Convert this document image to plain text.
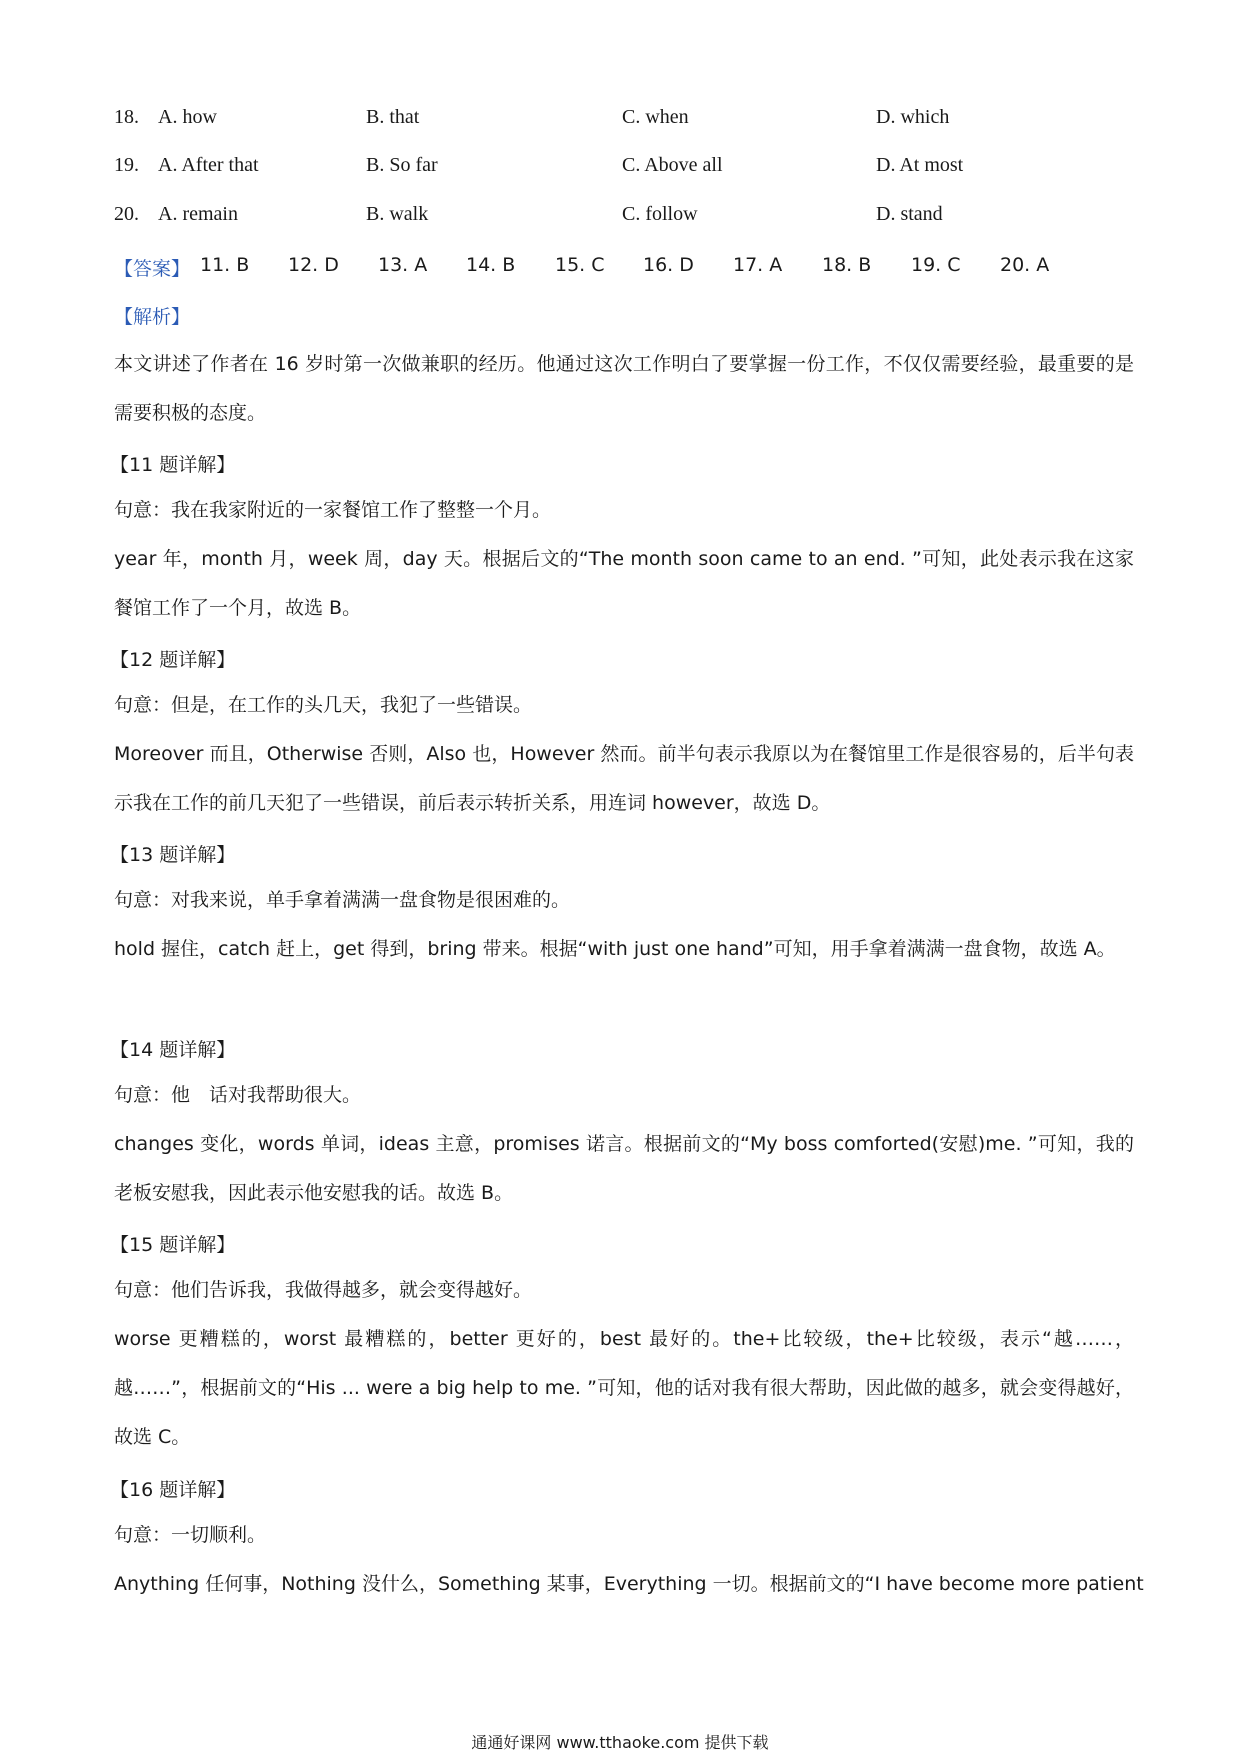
18. A. how	B. that	C. when	D. which
19. A. After that	B. So far	C. Above all	D. At most
20. A. remain	B. walk	C. follow	D. stand
【答案】 11. B 12. D 13. A 14. B 15. C 16. D 17. A 18. B 19. C 20. A
【解析】

本文讲述了作者在 16 岁时第一次做兼职的经历。他通过这次工作明白了要掌握一份工作，不仅仅需要经验，最重要的是需要积极的态度。

【11 题详解】

句意：我在我家附近的一家餐馆工作了整整一个月。

year 年，month 月，week 周，day 天。根据后文的“The month soon came to an end. ”可知，此处表示我在这家餐馆工作了一个月，故选 B。

【12 题详解】

句意：但是，在工作的头几天，我犯了一些错误。

Moreover 而且，Otherwise 否则，Also 也，However 然而。前半句表示我原以为在餐馆里工作是很容易的，后半句表示我在工作的前几天犯了一些错误，前后表示转折关系，用连词 however，故选 D。

【13 题详解】

句意：对我来说，单手拿着满满一盘食物是很困难的。

hold 握住，catch 赶上，get 得到，bring 带来。根据“with just one hand”可知，用手拿着满满一盘食物，故选 A。

【14 题详解】

句意：他　话对我帮助很大。

changes 变化，words 单词，ideas 主意，promises 诺言。根据前文的“My boss comforted(安慰)me. ”可知，我的老板安慰我，因此表示他安慰我的话。故选 B。

【15 题详解】

句意：他们告诉我，我做得越多，就会变得越好。

worse 更糟糕的，worst 最糟糕的，better 更好的，best 最好的。the+比较级，the+比较级，表示“越……，越……”，根据前文的“His ... were a big help to me. ”可知，他的话对我有很大帮助，因此做的越多，就会变得越好，故选 C。

【16 题详解】

句意：一切顺利。

Anything 任何事，Nothing 没什么，Something 某事，Everything 一切。根据前文的“I have become more patient

通通好课网 www.tthaoke.com 提供下载
